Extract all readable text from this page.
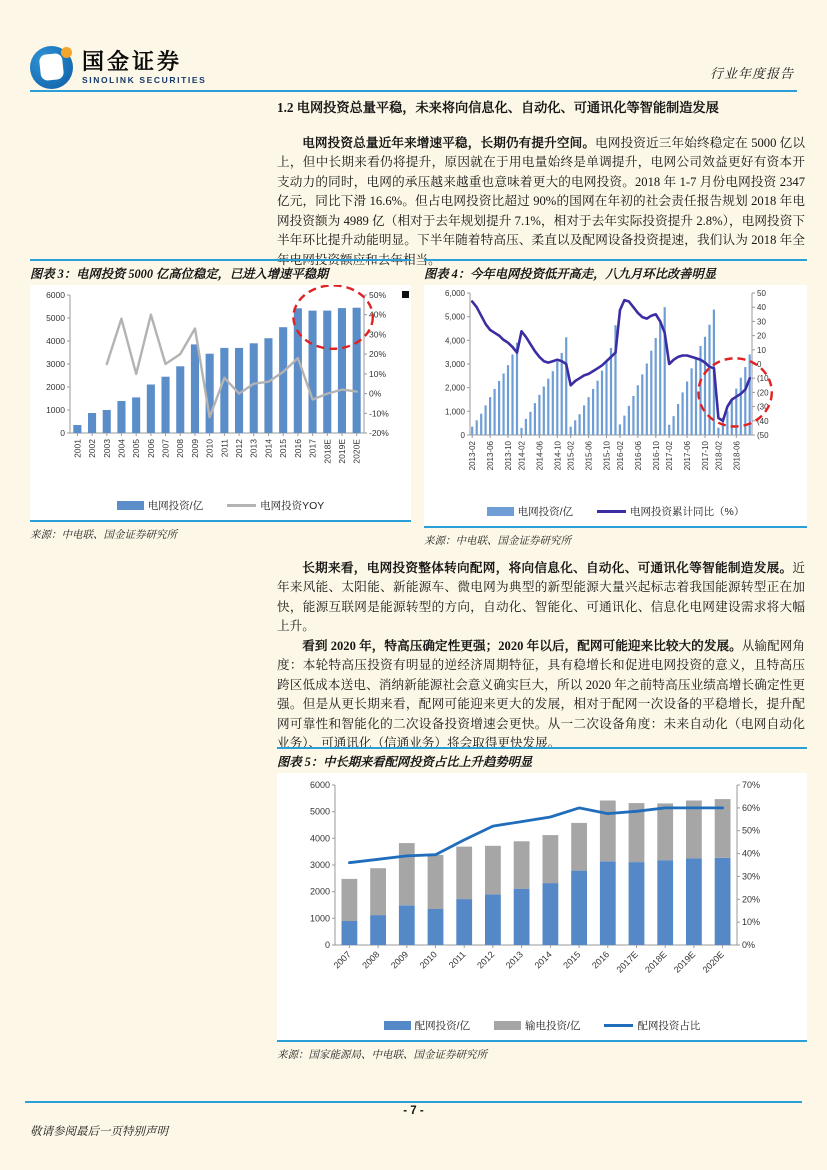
国金证券
SINOLINK SECURITIES	行业年度报告
1.2 电网投资总量平稳，未来将向信息化、自动化、可通讯化等智能制造发展

电网投资总量近年来增速平稳，长期仍有提升空间。电网投资近三年始终稳定在 5000 亿以上，但中长期来看仍将提升，原因就在于用电量始终是单调提升，电网公司效益更好有资本开支动力的同时，电网的承压越来越重也意味着更大的电网投资。2018 年 1-7 月份电网投资 2347 亿元，同比下滑 16.6%。但占电网投资比超过 90%的国网在年初的社会责任报告规划 2018 年电网投资额为 4989 亿（相对于去年规划提升 7.1%，相对于去年实际投资提升 2.8%），电网投资下半年环比提升动能明显。下半年随着特高压、柔直以及配网设备投资提速，我们认为 2018 年全年电网投资额应和去年相当。

图表 3：电网投资 5000 亿高位稳定，已进入增速平稳期
0
1000
2000
3000
4000
5000
6000
-20%
-10%
0%
10%
20%
30%
40%
50%
2001 2002 2003 2004 2005 2006 2007 2008 2009 2010 2011 2012 2013 2014 2015 2016 2017 2018E 2019E 2020E
电网投资/亿	电网投资YOY
来源：中电联、国金证券研究所
图表 4：今年电网投资低开高走，八九月环比改善明显
0
1,000
2,000
3,000
4,000
5,000
6,000
(50
(40
(30
(20
(10
0
10
20
30
40
50
2013-02 2013-06 2013-10 2014-02 2014-06 2014-10 2015-02 2015-06 2015-10 2016-02 2016-06 2016-10 2017-02 2017-06 2017-10 2018-02 2018-06
电网投资/亿	电网投资累计同比（%）
来源：中电联、国金证券研究所

长期来看，电网投资整体转向配网，将向信息化、自动化、可通讯化等智能制造发展。近年来风能、太阳能、新能源车、微电网为典型的新型能源大量兴起标志着我国能源转型正在加快，能源互联网是能源转型的方向，自动化、智能化、可通讯化、信息化电网建设需求将大幅上升。

看到 2020 年，特高压确定性更强；2020 年以后，配网可能迎来比较大的发展。从输配网角度：本轮特高压投资有明显的逆经济周期特征，具有稳增长和促进电网投资的意义，且特高压跨区低成本送电、消纳新能源社会意义确实巨大，所以 2020 年之前特高压业绩高增长确定性更强。但是从更长期来看，配网可能迎来更大的发展，相对于配网一次设备的平稳增长，提升配网可靠性和智能化的二次设备投资增速会更快。从一二次设备角度：未来自动化（电网自动化业务）、可通讯化（信通业务）将会取得更快发展。

图表 5：中长期来看配网投资占比上升趋势明显
0
1000
2000
3000
4000
5000
6000
0%
10%
20%
30%
40%
50%
60%
70%
2007 2008 2009 2010 2011 2012 2013 2014 2015 2016 2017E 2018E 2019E 2020E
配网投资/亿	输电投资/亿	配网投资占比
来源：国家能源局、中电联、国金证券研究所
- 7 -
敬请参阅最后一页特别声明
